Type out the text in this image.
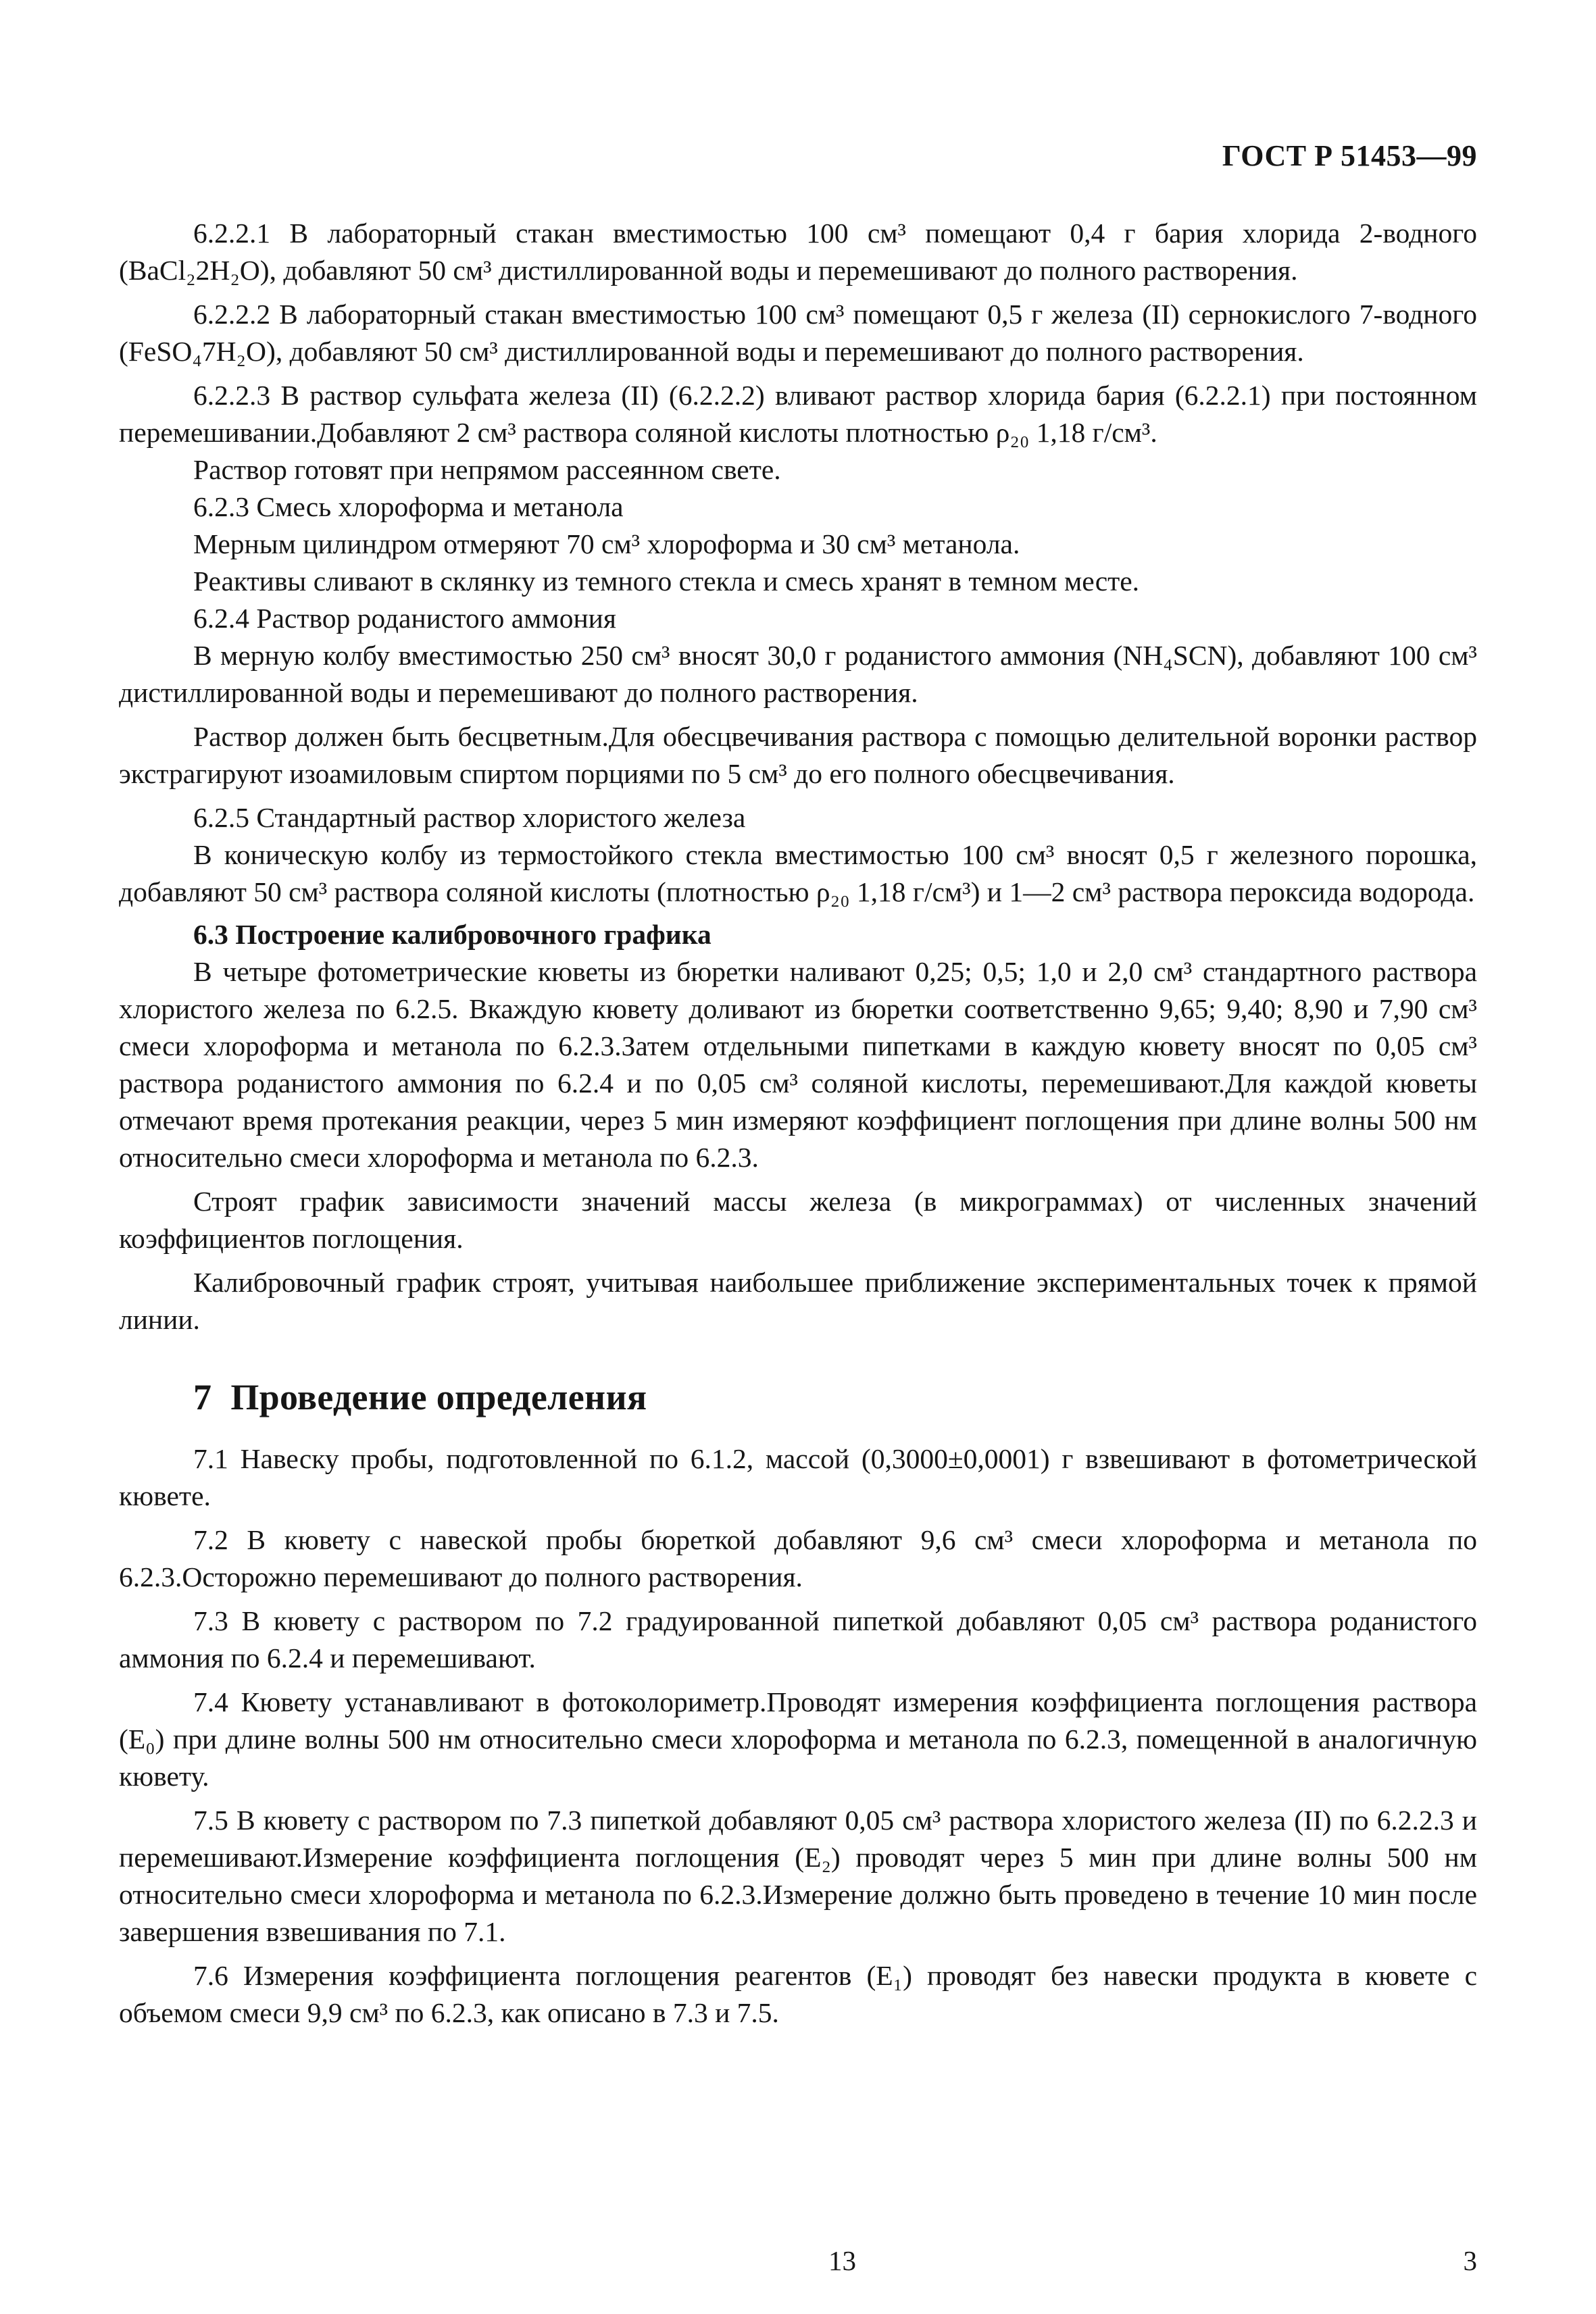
ГОСТ Р 51453—99

6.2.2.1 В лабораторный стакан вместимостью 100 см³ помещают 0,4 г бария хлорида 2-водного (BaCl₂2H₂O), добавляют 50 см³ дистиллированной воды и перемешивают до полного растворения.

6.2.2.2 В лабораторный стакан вместимостью 100 см³ помещают 0,5 г железа (II) сернокислого 7-водного (FeSO₄7H₂O), добавляют 50 см³ дистиллированной воды и перемешивают до полного растворения.

6.2.2.3 В раствор сульфата железа (II) (6.2.2.2) вливают раствор хлорида бария (6.2.2.1) при постоянном перемешивании.Добавляют 2 см³ раствора соляной кислоты плотностью ρ₂₀ 1,18 г/см³.

Раствор готовят при непрямом рассеянном свете.

6.2.3 Смесь хлороформа и метанола

Мерным цилиндром отмеряют 70 см³ хлороформа и 30 см³ метанола.

Реактивы сливают в склянку из темного стекла и смесь хранят в темном месте.

6.2.4 Раствор роданистого аммония

В мерную колбу вместимостью 250 см³ вносят 30,0 г роданистого аммония (NH₄SCN), добавляют 100 см³ дистиллированной воды и перемешивают до полного растворения.

Раствор должен быть бесцветным.Для обесцвечивания раствора с помощью делительной воронки раствор экстрагируют изоамиловым спиртом порциями по 5 см³ до его полного обесцвечивания.

6.2.5 Стандартный раствор хлористого железа

В коническую колбу из термостойкого стекла вместимостью 100 см³ вносят 0,5 г железного порошка, добавляют 50 см³ раствора соляной кислоты (плотностью ρ₂₀ 1,18 г/см³) и 1—2 см³ раствора пероксида водорода.

6.3 Построение калибровочного графика

В четыре фотометрические кюветы из бюретки наливают 0,25; 0,5; 1,0 и 2,0 см³ стандартного раствора хлористого железа по 6.2.5. Вкаждую кювету доливают из бюретки соответственно 9,65; 9,40; 8,90 и 7,90 см³ смеси хлороформа и метанола по 6.2.3.Затем отдельными пипетками в каждую кювету вносят по 0,05 см³ раствора роданистого аммония по 6.2.4 и по 0,05 см³ соляной кислоты, перемешивают.Для каждой кюветы отмечают время протекания реакции, через 5 мин измеряют коэффициент поглощения при длине волны 500 нм относительно смеси хлороформа и метанола по 6.2.3.

Строят график зависимости значений массы железа (в микрограммах) от численных значений коэффициентов поглощения.

Калибровочный график строят, учитывая наибольшее приближение экспериментальных точек к прямой линии.

7 Проведение определения

7.1 Навеску пробы, подготовленной по 6.1.2, массой (0,3000±0,0001) г взвешивают в фотометрической кювете.

7.2 В кювету с навеской пробы бюреткой добавляют 9,6 см³ смеси хлороформа и метанола по 6.2.3.Осторожно перемешивают до полного растворения.

7.3 В кювету с раствором по 7.2 градуированной пипеткой добавляют 0,05 см³ раствора роданистого аммония по 6.2.4 и перемешивают.

7.4 Кювету устанавливают в фотоколориметр.Проводят измерения коэффициента поглощения раствора (E₀) при длине волны 500 нм относительно смеси хлороформа и метанола по 6.2.3, помещенной в аналогичную кювету.

7.5 В кювету с раствором по 7.3 пипеткой добавляют 0,05 см³ раствора хлористого железа (II) по 6.2.2.3 и перемешивают.Измерение коэффициента поглощения (E₂) проводят через 5 мин при длине волны 500 нм относительно смеси хлороформа и метанола по 6.2.3.Измерение должно быть проведено в течение 10 мин после завершения взвешивания по 7.1.

7.6 Измерения коэффициента поглощения реагентов (E₁) проводят без навески продукта в кювете с объемом смеси 9,9 см³ по 6.2.3, как описано в 7.3 и 7.5.

13	3
